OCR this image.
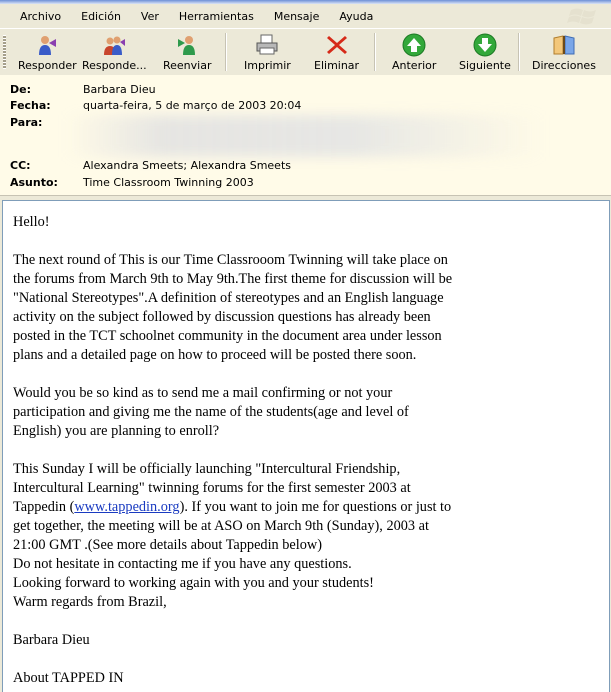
Archivo	Edición	Ver	Herramientas	Mensaje	Ayuda
Responder Responde... Reenviar	Imprimir Eliminar	Anterior Siguiente Direcciones
De:	Barbara Dieu
Fecha:	quarta-feira, 5 de março de 2003 20:04
Para:
CC:	Alexandra Smeets; Alexandra Smeets
Asunto:	Time Classroom Twinning 2003

Hello!

The next round of This is our Time Classrooom Twinning will take place on
the forums from March 9th to May 9th.The first theme for discussion will be
"National Stereotypes".A definition of stereotypes and an English language
activity on the subject followed by discussion questions has already been
posted in the TCT schoolnet community in the document area under lesson
plans and a detailed page on how to proceed will be posted there soon.

Would you be so kind as to send me a mail confirming or not your
participation and giving me the name of the students(age and level of
English) you are planning to enroll?

This Sunday I will be officially launching "Intercultural Friendship,
Intercultural Learning" twinning forums for the first semester 2003 at
Tappedin (www.tappedin.org). If you want to join me for questions or just to
get together, the meeting will be at ASO on March 9th (Sunday), 2003 at
21:00 GMT .(See more details about Tappedin below)
Do not hesitate in contacting me if you have any questions.
Looking forward to working again with you and your students!
Warm regards from Brazil,

Barbara Dieu

About TAPPED IN
